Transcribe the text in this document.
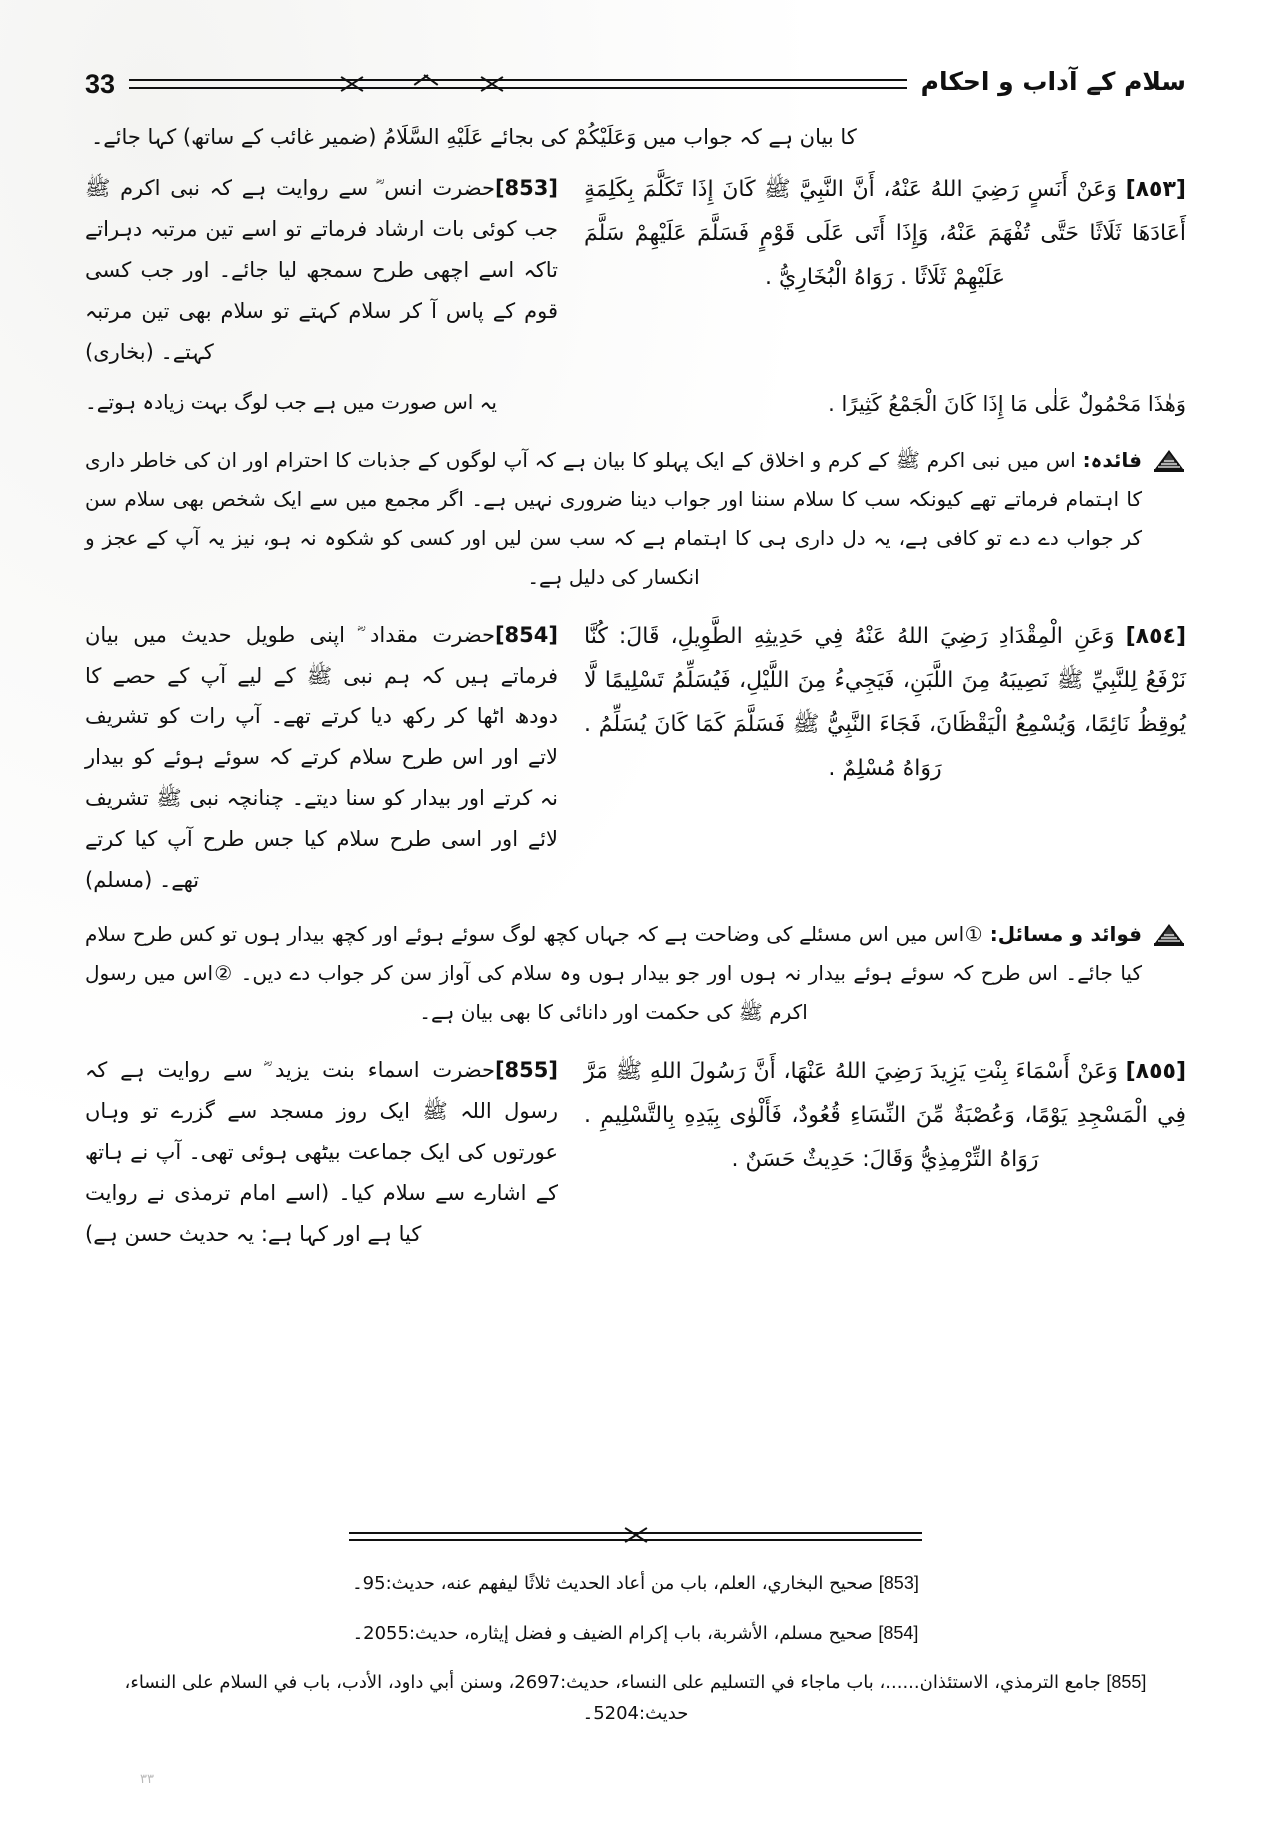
سلام کے آداب و احکام
33
کا بیان ہے کہ جواب میں وَعَلَيْكُمْ کی بجائے عَلَيْهِ السَّلَامُ (ضمیر غائب کے ساتھ) کہا جائے۔

[853]حضرت انس ؓ سے روایت ہے کہ نبی اکرم ﷺ جب کوئی بات ارشاد فرماتے تو اسے تین مرتبہ دہراتے تاکہ اسے اچھی طرح سمجھ لیا جائے۔ اور جب کسی قوم کے پاس آ کر سلام کہتے تو سلام بھی تین مرتبہ کہتے۔ (بخاری)

[٨٥٣] وَعَنْ أَنَسٍ رَضِيَ اللهُ عَنْهُ، أَنَّ النَّبِيَّ ﷺ كَانَ إِذَا تَكَلَّمَ بِكَلِمَةٍ أَعَادَهَا ثَلَاثًا حَتَّى تُفْهَمَ عَنْهُ، وَإِذَا أَتَى عَلَى قَوْمٍ فَسَلَّمَ عَلَيْهِمْ سَلَّمَ عَلَيْهِمْ ثَلَاثًا . رَوَاهُ الْبُخَارِيُّ .

یہ اس صورت میں ہے جب لوگ بہت زیادہ ہوتے۔	وَهٰذَا مَحْمُولٌ عَلٰى مَا إِذَا كَانَ الْجَمْعُ كَثِيرًا .
فائدہ: اس میں نبی اکرم ﷺ کے کرم و اخلاق کے ایک پہلو کا بیان ہے کہ آپ لوگوں کے جذبات کا احترام اور ان کی خاطر داری کا اہتمام فرماتے تھے کیونکہ سب کا سلام سننا اور جواب دینا ضروری نہیں ہے۔ اگر مجمع میں سے ایک شخص بھی سلام سن کر جواب دے دے تو کافی ہے، یہ دل داری ہی کا اہتمام ہے کہ سب سن لیں اور کسی کو شکوہ نہ ہو، نیز یہ آپ کے عجز و انکسار کی دلیل ہے۔

[854]حضرت مقداد ؓ اپنی طویل حدیث میں بیان فرماتے ہیں کہ ہم نبی ﷺ کے لیے آپ کے حصے کا دودھ اٹھا کر رکھ دیا کرتے تھے۔ آپ رات کو تشریف لاتے اور اس طرح سلام کرتے کہ سوئے ہوئے کو بیدار نہ کرتے اور بیدار کو سنا دیتے۔ چنانچہ نبی ﷺ تشریف لائے اور اسی طرح سلام کیا جس طرح آپ کیا کرتے تھے۔ (مسلم)

[٨٥٤] وَعَنِ الْمِقْدَادِ رَضِيَ اللهُ عَنْهُ فِي حَدِيثِهِ الطَّوِيلِ، قَالَ: كُنَّا نَرْفَعُ لِلنَّبِيِّ ﷺ نَصِيبَهُ مِنَ اللَّبَنِ، فَيَجِيءُ مِنَ اللَّيْلِ، فَيُسَلِّمُ تَسْلِيمًا لَّا يُوقِظُ نَائِمًا، وَيُسْمِعُ الْيَقْظَانَ، فَجَاءَ النَّبِيُّ ﷺ فَسَلَّمَ كَمَا كَانَ يُسَلِّمُ . رَوَاهُ مُسْلِمٌ .

فوائد و مسائل: ①اس میں اس مسئلے کی وضاحت ہے کہ جہاں کچھ لوگ سوئے ہوئے اور کچھ بیدار ہوں تو کس طرح سلام کیا جائے۔ اس طرح کہ سوئے ہوئے بیدار نہ ہوں اور جو بیدار ہوں وہ سلام کی آواز سن کر جواب دے دیں۔ ②اس میں رسول اکرم ﷺ کی حکمت اور دانائی کا بھی بیان ہے۔

[855]حضرت اسماء بنت یزید ؓ سے روایت ہے کہ رسول اللہ ﷺ ایک روز مسجد سے گزرے تو وہاں عورتوں کی ایک جماعت بیٹھی ہوئی تھی۔ آپ نے ہاتھ کے اشارے سے سلام کیا۔ (اسے امام ترمذی نے روایت کیا ہے اور کہا ہے: یہ حدیث حسن ہے)

[٨٥٥] وَعَنْ أَسْمَاءَ بِنْتِ يَزِيدَ رَضِيَ اللهُ عَنْهَا، أَنَّ رَسُولَ اللهِ ﷺ مَرَّ فِي الْمَسْجِدِ يَوْمًا، وَعُصْبَةٌ مِّنَ النِّسَاءِ قُعُودٌ، فَأَلْوٰى بِيَدِهِ بِالتَّسْلِيمِ . رَوَاهُ التِّرْمِذِيُّ وَقَالَ: حَدِيثٌ حَسَنٌ .

[853] صحیح البخاري، العلم، باب من أعاد الحدیث ثلاثًا لیفهم عنه، حدیث:95۔
[854] صحیح مسلم، الأشربة، باب إکرام الضیف و فضل إیثاره، حدیث:2055۔
[855] جامع الترمذي، الاستئذان......، باب ماجاء في التسلیم علی النساء، حدیث:2697، وسنن أبي داود، الأدب، باب في السلام علی النساء، حدیث:5204۔
٣٣
